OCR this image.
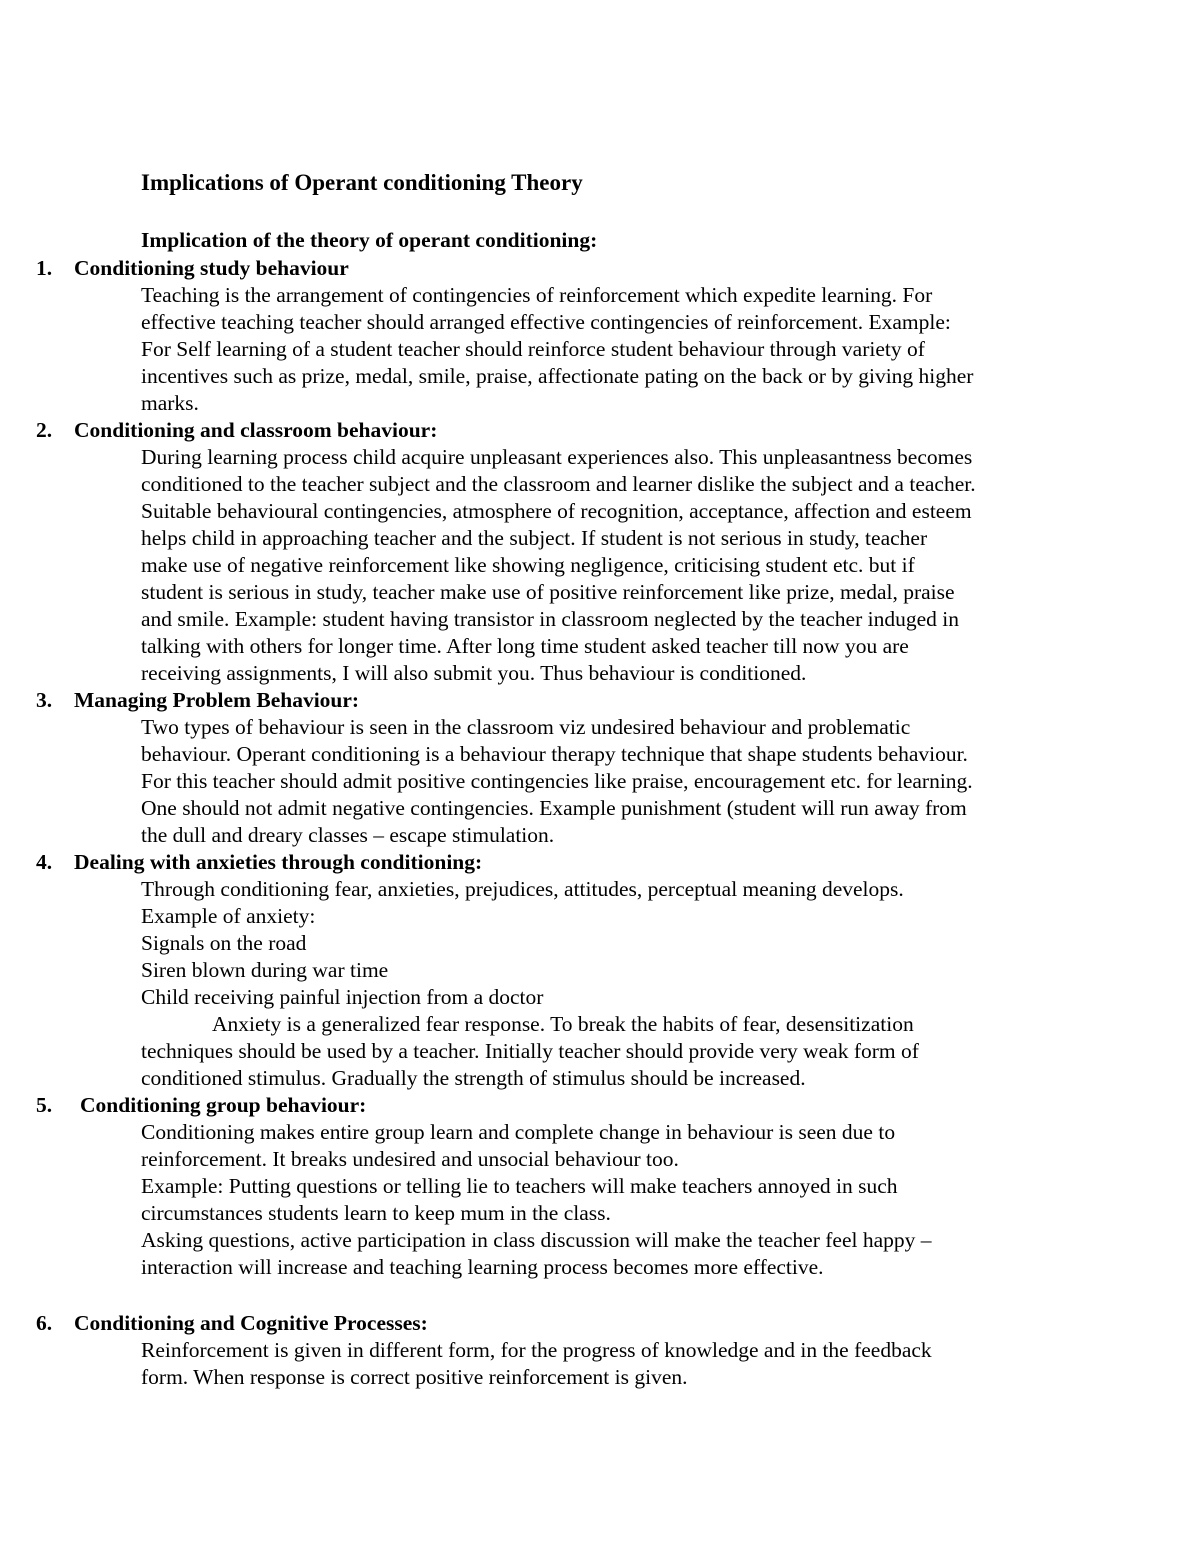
Implications of Operant conditioning Theory
Implication of the theory of operant conditioning:
1. Conditioning study behaviour
Teaching is the arrangement of contingencies of reinforcement which expedite learning. For
effective teaching teacher should arranged effective contingencies of reinforcement. Example:
For Self learning of a student teacher should reinforce student behaviour through variety of
incentives such as prize, medal, smile, praise, affectionate pating on the back or by giving higher
marks.
2. Conditioning and classroom behaviour:
During learning process child acquire unpleasant experiences also. This unpleasantness becomes
conditioned to the teacher subject and the classroom and learner dislike the subject and a teacher.
Suitable behavioural contingencies, atmosphere of recognition, acceptance, affection and esteem
helps child in approaching teacher and the subject. If student is not serious in study, teacher
make use of negative reinforcement like showing negligence, criticising student etc. but if
student is serious in study, teacher make use of positive reinforcement like prize, medal, praise
and smile. Example: student having transistor in classroom neglected by the teacher induged in
talking with others for longer time. After long time student asked teacher till now you are
receiving assignments, I will also submit you. Thus behaviour is conditioned.
3. Managing Problem Behaviour:
Two types of behaviour is seen in the classroom viz undesired behaviour and problematic
behaviour. Operant conditioning is a behaviour therapy technique that shape students behaviour.
For this teacher should admit positive contingencies like praise, encouragement etc. for learning.
One should not admit negative contingencies. Example punishment (student will run away from
the dull and dreary classes – escape stimulation.
4. Dealing with anxieties through conditioning:
Through conditioning fear, anxieties, prejudices, attitudes, perceptual meaning develops.
Example of anxiety:
Signals on the road
Siren blown during war time
Child receiving painful injection from a doctor
Anxiety is a generalized fear response. To break the habits of fear, desensitization
techniques should be used by a teacher. Initially teacher should provide very weak form of
conditioned stimulus. Gradually the strength of stimulus should be increased.
5. Conditioning group behaviour:
Conditioning makes entire group learn and complete change in behaviour is seen due to
reinforcement. It breaks undesired and unsocial behaviour too.
Example: Putting questions or telling lie to teachers will make teachers annoyed in such
circumstances students learn to keep mum in the class.
Asking questions, active participation in class discussion will make the teacher feel happy –
interaction will increase and teaching learning process becomes more effective.
6. Conditioning and Cognitive Processes:
Reinforcement is given in different form, for the progress of knowledge and in the feedback
form. When response is correct positive reinforcement is given.
